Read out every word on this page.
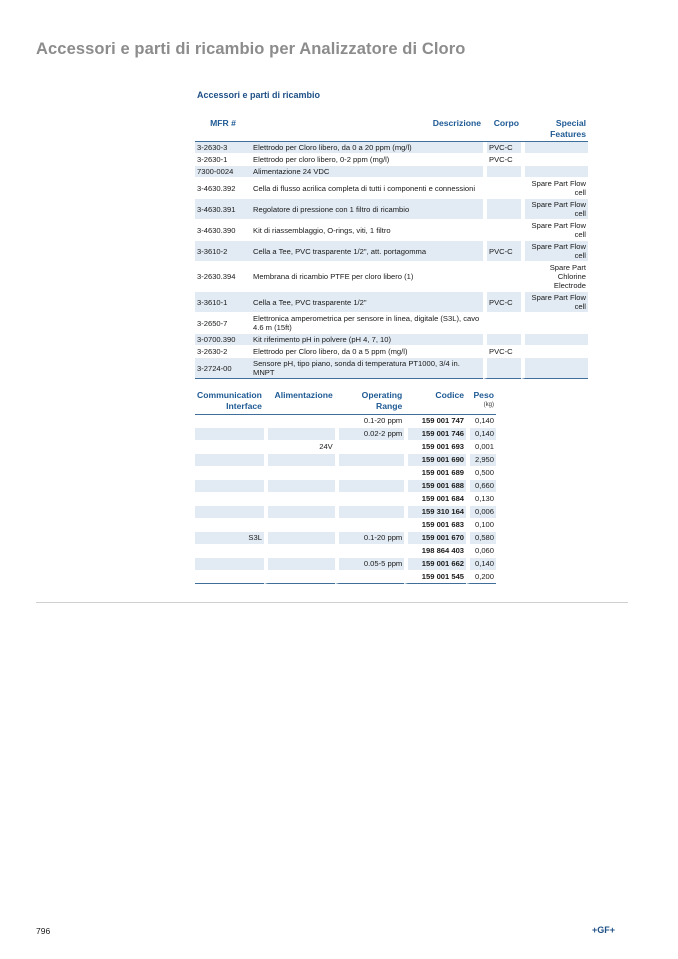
Accessori e parti di ricambio per Analizzatore di Cloro
Accessori e parti di ricambio
MFR #	Descrizione	Corpo	Special Features
3-2630-3	Elettrodo per Cloro libero, da 0 a 20 ppm (mg/l)	PVC-C	
3-2630-1	Elettrodo per cloro libero, 0-2 ppm (mg/l)	PVC-C	
7300-0024	Alimentazione 24 VDC		
3-4630.392	Cella di flusso acrilica completa di tutti i componenti e connessioni		Spare Part Flow cell
3-4630.391	Regolatore di pressione con 1 filtro di ricambio		Spare Part Flow cell
3-4630.390	Kit di riassemblaggio, O-rings, viti, 1 filtro		Spare Part Flow cell
3-3610-2	Cella a Tee, PVC trasparente 1/2", att. portagomma	PVC-C	Spare Part Flow cell
3-2630.394	Membrana di ricambio PTFE per cloro libero (1)		Spare Part Chlorine Electrode
3-3610-1	Cella a Tee, PVC trasparente 1/2"	PVC-C	Spare Part Flow cell
3-2650-7	Elettronica amperometrica per sensore in linea, digitale (S3L), cavo 4.6 m (15ft)		
3-0700.390	Kit riferimento pH in polvere (pH 4, 7, 10)		
3-2630-2	Elettrodo per Cloro libero, da 0 a 5 ppm (mg/l)	PVC-C	
3-2724-00	Sensore pH, tipo piano, sonda di temperatura PT1000, 3/4 in. MNPT		
Communication Interface	Alimentazione	Operating Range	Codice	Peso
(kg)

		0.1-20 ppm	159 001 747	0,140
		0.02-2 ppm	159 001 746	0,140
	24V		159 001 693	0,001
			159 001 690	2,950
			159 001 689	0,500
			159 001 688	0,660
			159 001 684	0,130
			159 310 164	0,006
			159 001 683	0,100
S3L		0.1-20 ppm	159 001 670	0,580
			198 864 403	0,060
		0.05-5 ppm	159 001 662	0,140
			159 001 545	0,200
796	+GF+
